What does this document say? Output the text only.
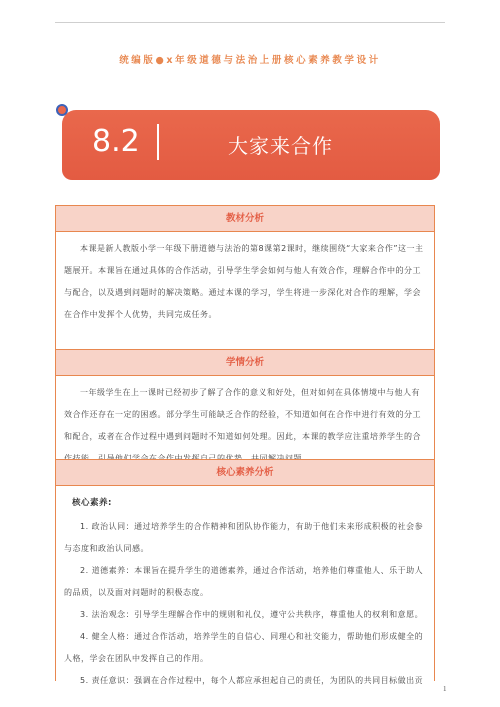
统编版●x年级道德与法治上册核心素养教学设计
8.2	大家来合作
教材分析

本课是新人教版小学一年级下册道德与法治的第8课第2课时，继续围绕“大家来合作”这一主题展开。本课旨在通过具体的合作活动，引导学生学会如何与他人有效合作，理解合作中的分工与配合，以及遇到问题时的解决策略。通过本课的学习，学生将进一步深化对合作的理解，学会在合作中发挥个人优势，共同完成任务。

学情分析

一年级学生在上一课时已经初步了解了合作的意义和好处，但对如何在具体情境中与他人有效合作还存在一定的困惑。部分学生可能缺乏合作的经验，不知道如何在合作中进行有效的分工和配合，或者在合作过程中遇到问题时不知道如何处理。因此，本课的教学应注重培养学生的合

核心素养分析
核心素养:

1. 政治认同：通过培养学生的合作精神和团队协作能力，有助于他们未来形成积极的社会参与态度和政治认同感。

2. 道德素养：本课旨在提升学生的道德素养，通过合作活动，培养他们尊重他人、乐于助人的品质，以及面对问题时的积极态度。

3. 法治观念：引导学生理解合作中的规则和礼仪，遵守公共秩序，尊重他人的权利和意愿。

4. 健全人格：通过合作活动，培养学生的自信心、同理心和社交能力，帮助他们形成健全的人格，学会在团队中发挥自己的作用。

5. 责任意识：强调在合作过程中，每个人都应承担起自己的责任，为团队的共同目标做出贡

1
